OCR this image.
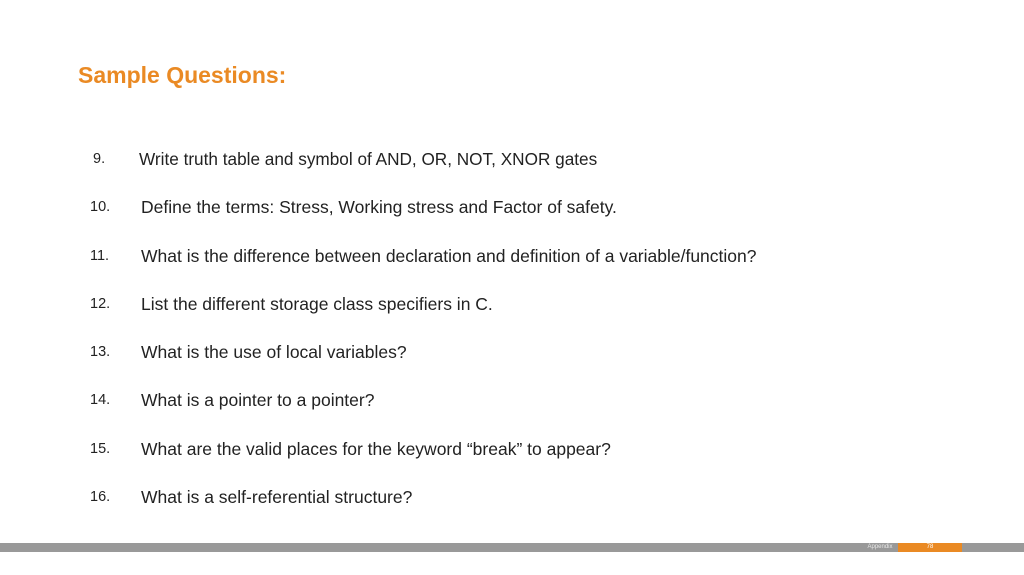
Sample Questions:
9. Write truth table and symbol of AND, OR, NOT, XNOR gates
10. Define the terms: Stress, Working stress and Factor of safety.
11. What is the difference between declaration and definition of a variable/function?
12. List the different storage class specifiers in C.
13. What is the use of local variables?
14. What is a pointer to a pointer?
15. What are the valid places for the keyword “break” to appear?
16. What is a self-referential structure?
Appendix	78
